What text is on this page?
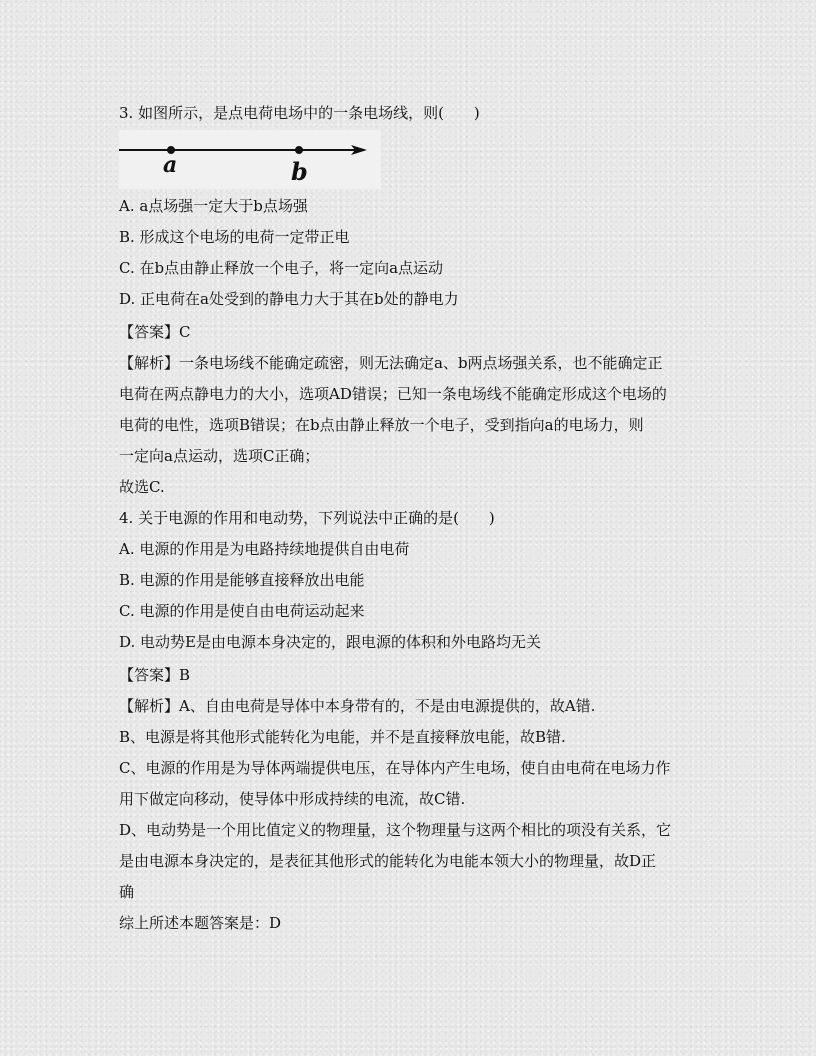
3. 如图所示，是点电荷电场中的一条电场线，则(　　)
a	b
A. a点场强一定大于b点场强
B. 形成这个电场的电荷一定带正电
C. 在b点由静止释放一个电子，将一定向a点运动
D. 正电荷在a处受到的静电力大于其在b处的静电力
【答案】C
【解析】一条电场线不能确定疏密，则无法确定a、b两点场强关系，也不能确定正
电荷在两点静电力的大小，选项AD错误；已知一条电场线不能确定形成这个电场的
电荷的电性，选项B错误；在b点由静止释放一个电子，受到指向a的电场力，则
一定向a点运动，选项C正确；
故选C.
4. 关于电源的作用和电动势，下列说法中正确的是(　　)
A. 电源的作用是为电路持续地提供自由电荷
B. 电源的作用是能够直接释放出电能
C. 电源的作用是使自由电荷运动起来
D. 电动势E是由电源本身决定的，跟电源的体积和外电路均无关
【答案】B
【解析】A、自由电荷是导体中本身带有的，不是由电源提供的，故A错.
B、电源是将其他形式能转化为电能，并不是直接释放电能，故B错.
C、电源的作用是为导体两端提供电压，在导体内产生电场，使自由电荷在电场力作
用下做定向移动，使导体中形成持续的电流，故C错.
D、电动势是一个用比值定义的物理量，这个物理量与这两个相比的项没有关系，它
是由电源本身决定的，是表征其他形式的能转化为电能本领大小的物理量，故D正
确
综上所述本题答案是：D
